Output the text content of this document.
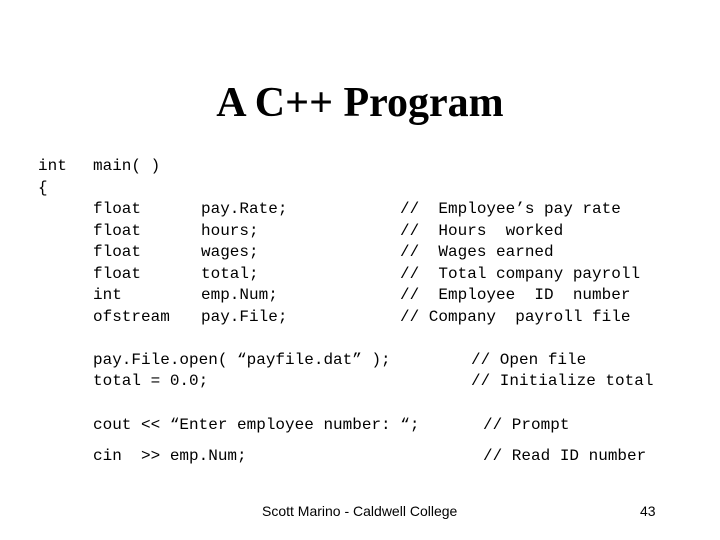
A C++ Program
int main( )
{
float	pay.Rate;	//  Employee’s pay rate
float	hours;	//  Hours  worked
float	wages;	//  Wages earned
float	total;	//  Total company payroll
int	emp.Num;	//  Employee  ID  number
ofstream pay.File;	// Company  payroll file
pay.File.open( “payfile.dat” );	// Open file
total = 0.0;	// Initialize total
cout << “Enter employee number: “;	// Prompt
cin  >> emp.Num;	// Read ID number
Scott Marino - Caldwell College	43
